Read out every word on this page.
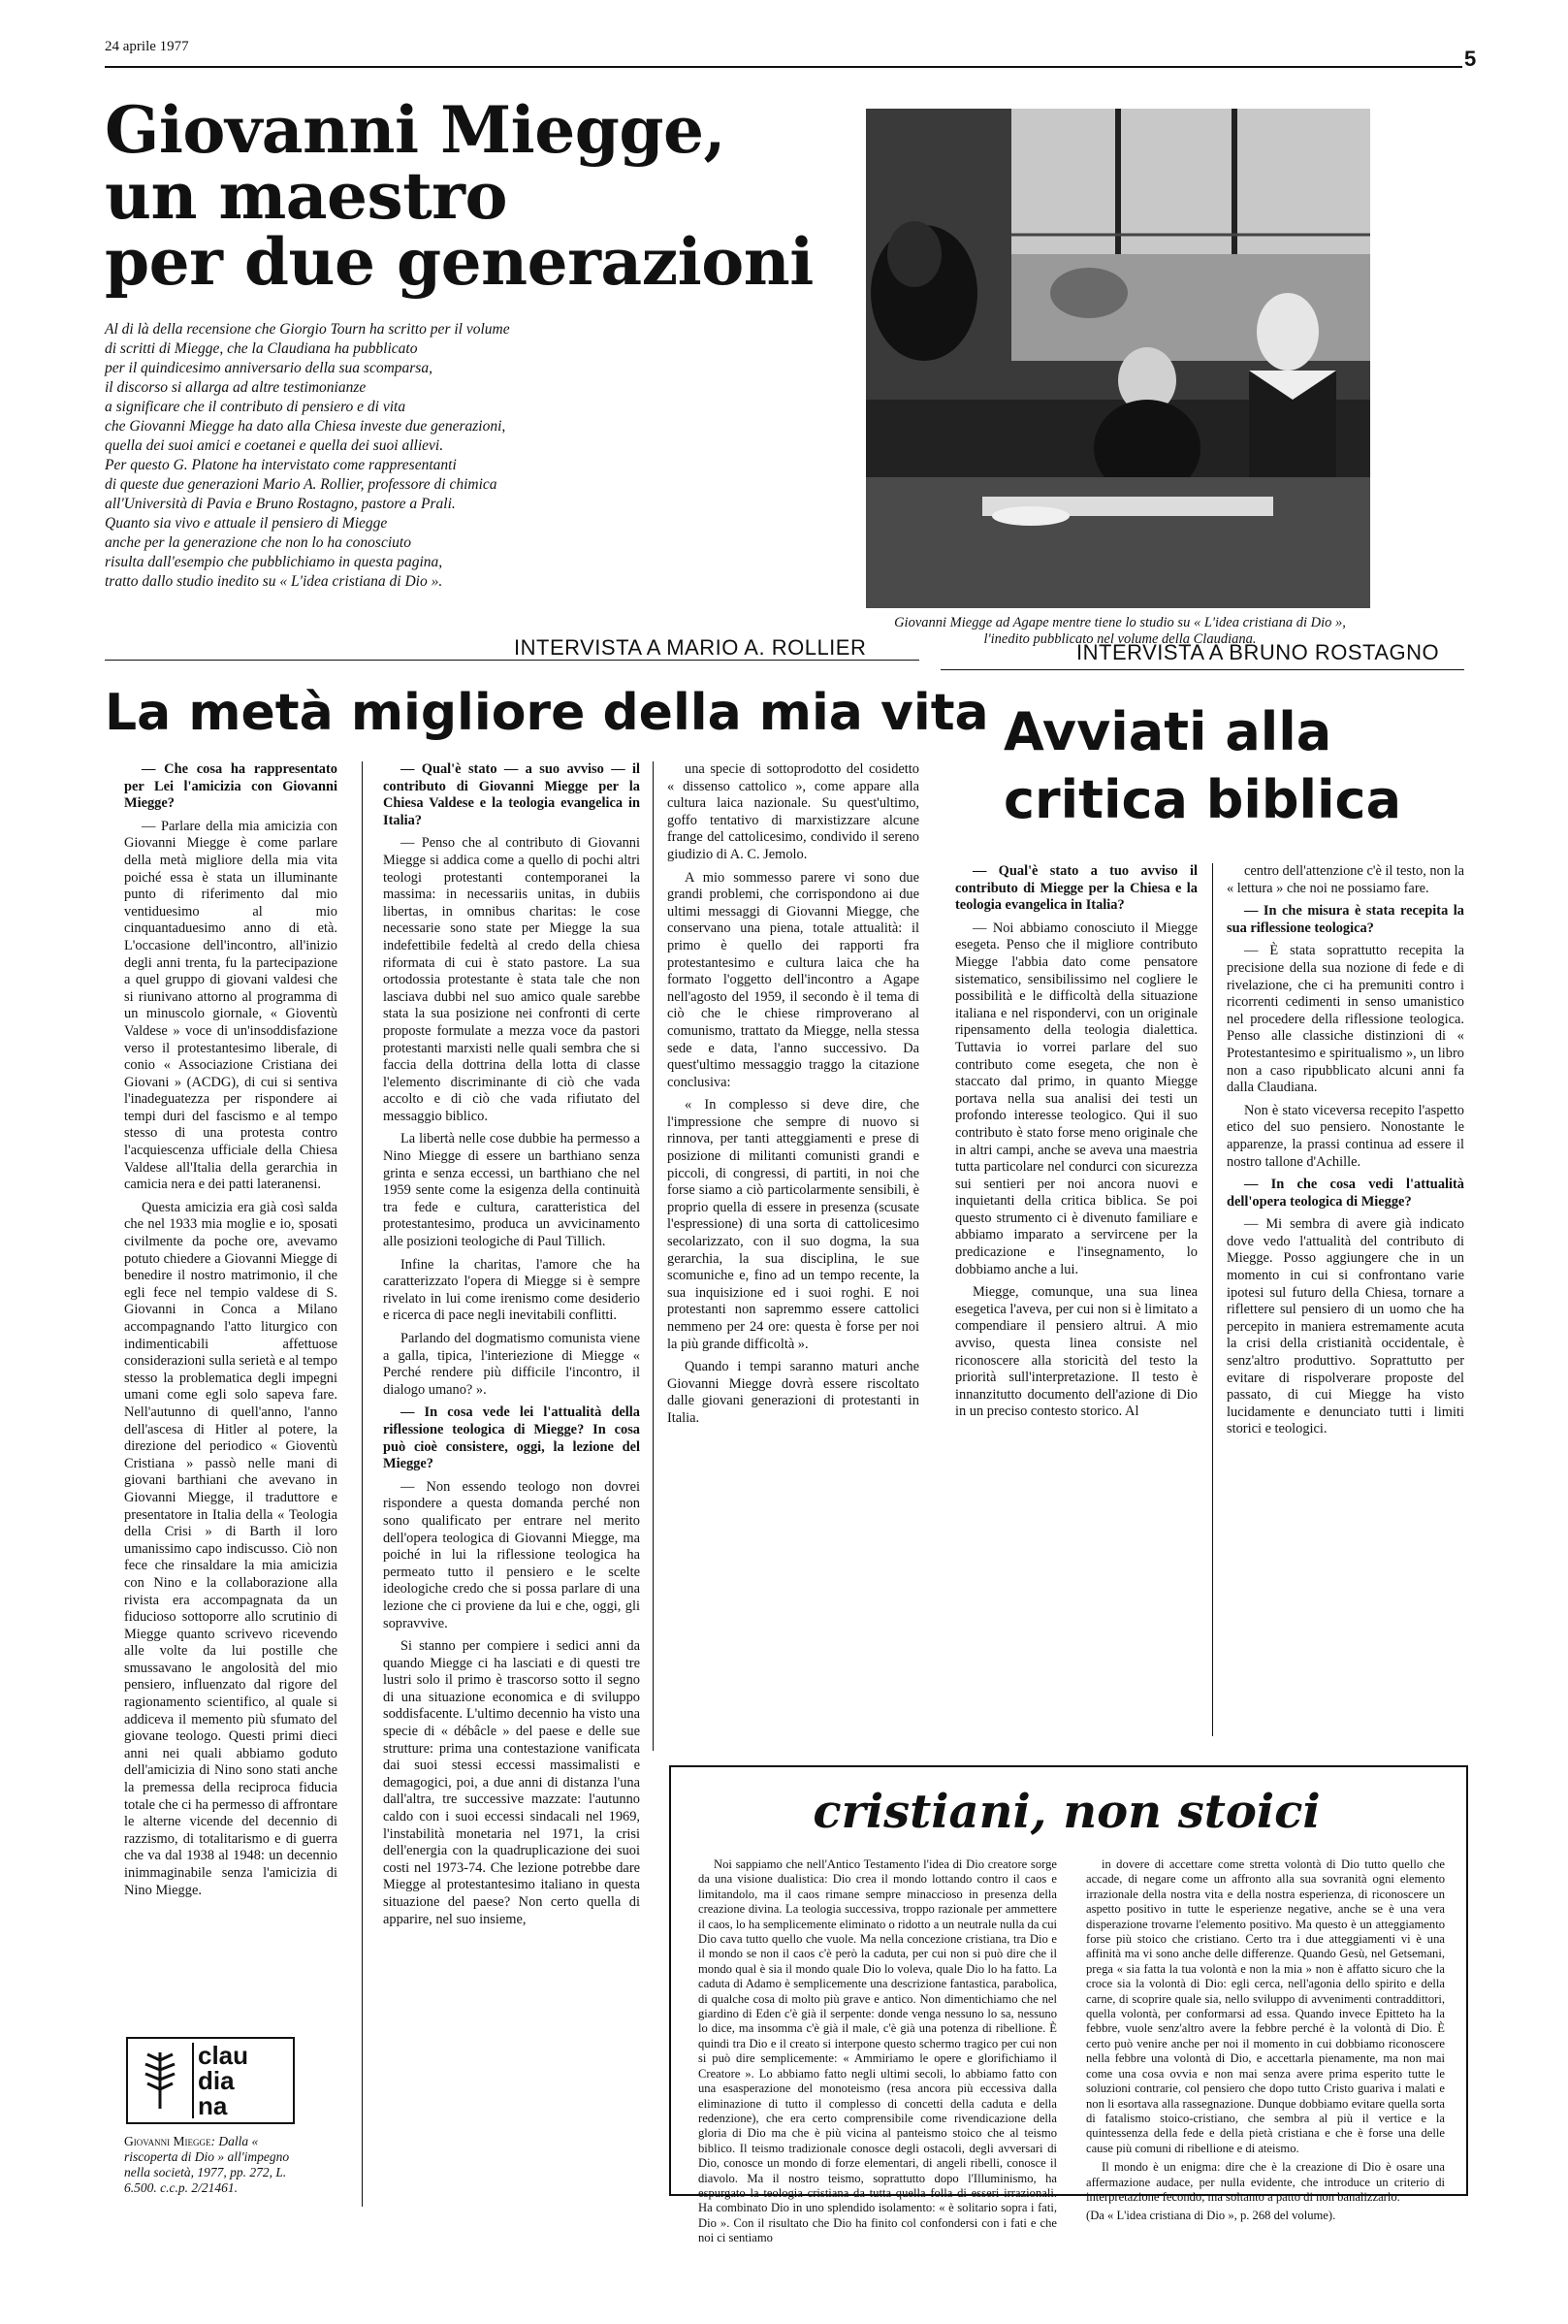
24 aprile 1977	5
Giovanni Miegge,
un maestro
per due generazioni
Al di là della recensione che Giorgio Tourn ha scritto per il volume
di scritti di Miegge, che la Claudiana ha pubblicato
per il quindicesimo anniversario della sua scomparsa,
il discorso si allarga ad altre testimonianze
a significare che il contributo di pensiero e di vita
che Giovanni Miegge ha dato alla Chiesa investe due generazioni,
quella dei suoi amici e coetanei e quella dei suoi allievi.
Per questo G. Platone ha intervistato come rappresentanti
di queste due generazioni Mario A. Rollier, professore di chimica
all'Università di Pavia e Bruno Rostagno, pastore a Prali.
Quanto sia vivo e attuale il pensiero di Miegge
anche per la generazione che non lo ha conosciuto
risulta dall'esempio che pubblichiamo in questa pagina,
tratto dallo studio inedito su « L'idea cristiana di Dio ».
Giovanni Miegge ad Agape mentre tiene lo studio su « L'idea cristiana di Dio »,
l'inedito pubblicato nel volume della Claudiana.
INTERVISTA A MARIO A. ROLLIER
La metà migliore della mia vita

— Che cosa ha rappresentato per Lei l'amicizia con Giovanni Miegge?

— Parlare della mia amicizia con Giovanni Miegge è come parlare della metà migliore della mia vita poiché essa è stata un illuminante punto di riferimento dal mio ventiduesimo al mio cinquantaduesimo anno di età. L'occasione dell'incontro, all'inizio degli anni trenta, fu la partecipazione a quel gruppo di giovani valdesi che si riunivano attorno al programma di un minuscolo giornale, « Gioventù Valdese » voce di un'insoddisfazione verso il protestantesimo liberale, di conio « Associazione Cristiana dei Giovani » (ACDG), di cui si sentiva l'inadeguatezza per rispondere ai tempi duri del fascismo e al tempo stesso di una protesta contro l'acquiescenza ufficiale della Chiesa Valdese all'Italia della gerarchia in camicia nera e dei patti lateranensi.

Questa amicizia era già così salda che nel 1933 mia moglie e io, sposati civilmente da poche ore, avevamo potuto chiedere a Giovanni Miegge di benedire il nostro matrimonio, il che egli fece nel tempio valdese di S. Giovanni in Conca a Milano accompagnando l'atto liturgico con indimenticabili affettuose considerazioni sulla serietà e al tempo stesso la problematica degli impegni umani come egli solo sapeva fare. Nell'autunno di quell'anno, l'anno dell'ascesa di Hitler al potere, la direzione del periodico « Gioventù Cristiana » passò nelle mani di giovani barthiani che avevano in Giovanni Miegge, il traduttore e presentatore in Italia della « Teologia della Crisi » di Barth il loro umanissimo capo indiscusso. Ciò non fece che rinsaldare la mia amicizia con Nino e la collaborazione alla rivista era accompagnata da un fiducioso sottoporre allo scrutinio di Miegge quanto scrivevo ricevendo alle volte da lui postille che smussavano le angolosità del mio pensiero, influenzato dal rigore del ragionamento scientifico, al quale si addiceva il memento più sfumato del giovane teologo. Questi primi dieci anni nei quali abbiamo goduto dell'amicizia di Nino sono stati anche la premessa della reciproca fiducia totale che ci ha permesso di affrontare le alterne vicende del decennio di razzismo, di totalitarismo e di guerra che va dal 1938 al 1948: un decennio inimmaginabile senza l'amicizia di Nino Miegge.

— Qual'è stato — a suo avviso — il contributo di Giovanni Miegge per la Chiesa Valdese e la teologia evangelica in Italia?

— Penso che al contributo di Giovanni Miegge si addica come a quello di pochi altri teologi protestanti contemporanei la massima: in necessariis unitas, in dubiis libertas, in omnibus charitas: le cose necessarie sono state per Miegge la sua indefettibile fedeltà al credo della chiesa riformata di cui è stato pastore. La sua ortodossia protestante è stata tale che non lasciava dubbi nel suo amico quale sarebbe stata la sua posizione nei confronti di certe proposte formulate a mezza voce da pastori protestanti marxisti nelle quali sembra che si faccia della dottrina della lotta di classe l'elemento discriminante di ciò che vada accolto e di ciò che vada rifiutato del messaggio biblico.

La libertà nelle cose dubbie ha permesso a Nino Miegge di essere un barthiano senza grinta e senza eccessi, un barthiano che nel 1959 sente come la esigenza della continuità tra fede e cultura, caratteristica del protestantesimo, produca un avvicinamento alle posizioni teologiche di Paul Tillich.

Infine la charitas, l'amore che ha caratterizzato l'opera di Miegge si è sempre rivelato in lui come irenismo come desiderio e ricerca di pace negli inevitabili conflitti.

Parlando del dogmatismo comunista viene a galla, tipica, l'interiezione di Miegge « Perché rendere più difficile l'incontro, il dialogo umano? ».

— In cosa vede lei l'attualità della riflessione teologica di Miegge? In cosa può cioè consistere, oggi, la lezione del Miegge?

— Non essendo teologo non dovrei rispondere a questa domanda perché non sono qualificato per entrare nel merito dell'opera teologica di Giovanni Miegge, ma poiché in lui la riflessione teologica ha permeato tutto il pensiero e le scelte ideologiche credo che si possa parlare di una lezione che ci proviene da lui e che, oggi, gli sopravvive.

Si stanno per compiere i sedici anni da quando Miegge ci ha lasciati e di questi tre lustri solo il primo è trascorso sotto il segno di una situazione economica e di sviluppo soddisfacente. L'ultimo decennio ha visto una specie di « débâcle » del paese e delle sue strutture: prima una contestazione vanificata dai suoi stessi eccessi massimalisti e demagogici, poi, a due anni di distanza l'una dall'altra, tre successive mazzate: l'autunno caldo con i suoi eccessi sindacali nel 1969, l'instabilità monetaria nel 1971, la crisi dell'energia con la quadruplicazione dei suoi costi nel 1973-74. Che lezione potrebbe dare Miegge al protestantesimo italiano in questa situazione del paese? Non certo quella di apparire, nel suo insieme,

una specie di sottoprodotto del cosidetto « dissenso cattolico », come appare alla cultura laica nazionale. Su quest'ultimo, goffo tentativo di marxistizzare alcune frange del cattolicesimo, condivido il sereno giudizio di A. C. Jemolo.

A mio sommesso parere vi sono due grandi problemi, che corrispondono ai due ultimi messaggi di Giovanni Miegge, che conservano una piena, totale attualità: il primo è quello dei rapporti fra protestantesimo e cultura laica che ha formato l'oggetto dell'incontro a Agape nell'agosto del 1959, il secondo è il tema di ciò che le chiese rimproverano al comunismo, trattato da Miegge, nella stessa sede e data, l'anno successivo. Da quest'ultimo messaggio traggo la citazione conclusiva:

« In complesso si deve dire, che l'impressione che sempre di nuovo si rinnova, per tanti atteggiamenti e prese di posizione di militanti comunisti grandi e piccoli, di congressi, di partiti, in noi che forse siamo a ciò particolarmente sensibili, è proprio quella di essere in presenza (scusate l'espressione) di una sorta di cattolicesimo secolarizzato, con il suo dogma, la sua gerarchia, la sua disciplina, le sue scomuniche e, fino ad un tempo recente, la sua inquisizione ed i suoi roghi. E noi protestanti non sapremmo essere cattolici nemmeno per 24 ore: questa è forse per noi la più grande difficoltà ».

Quando i tempi saranno maturi anche Giovanni Miegge dovrà essere riscoltato dalle giovani generazioni di protestanti in Italia.

INTERVISTA A BRUNO ROSTAGNO
Avviati alla
critica biblica

— Qual'è stato a tuo avviso il contributo di Miegge per la Chiesa e la teologia evangelica in Italia?

— Noi abbiamo conosciuto il Miegge esegeta. Penso che il migliore contributo Miegge l'abbia dato come pensatore sistematico, sensibilissimo nel cogliere le possibilità e le difficoltà della situazione italiana e nel rispondervi, con un originale ripensamento della teologia dialettica. Tuttavia io vorrei parlare del suo contributo come esegeta, che non è staccato dal primo, in quanto Miegge portava nella sua analisi dei testi un profondo interesse teologico. Qui il suo contributo è stato forse meno originale che in altri campi, anche se aveva una maestria tutta particolare nel condurci con sicurezza sui sentieri per noi ancora nuovi e inquietanti della critica biblica. Se poi questo strumento ci è divenuto familiare e abbiamo imparato a servircene per la predicazione e l'insegnamento, lo dobbiamo anche a lui.

Miegge, comunque, una sua linea esegetica l'aveva, per cui non si è limitato a compendiare il pensiero altrui. A mio avviso, questa linea consiste nel riconoscere alla storicità del testo la priorità sull'interpretazione. Il testo è innanzitutto documento dell'azione di Dio in un preciso contesto storico. Al

centro dell'attenzione c'è il testo, non la « lettura » che noi ne possiamo fare.

— In che misura è stata recepita la sua riflessione teologica?

— È stata soprattutto recepita la precisione della sua nozione di fede e di rivelazione, che ci ha premuniti contro i ricorrenti cedimenti in senso umanistico nel procedere della riflessione teologica. Penso alle classiche distinzioni di « Protestantesimo e spiritualismo », un libro non a caso ripubblicato alcuni anni fa dalla Claudiana.

Non è stato viceversa recepito l'aspetto etico del suo pensiero. Nonostante le apparenze, la prassi continua ad essere il nostro tallone d'Achille.

— In che cosa vedi l'attualità dell'opera teologica di Miegge?

— Mi sembra di avere già indicato dove vedo l'attualità del contributo di Miegge. Posso aggiungere che in un momento in cui si confrontano varie ipotesi sul futuro della Chiesa, tornare a riflettere sul pensiero di un uomo che ha percepito in maniera estremamente acuta la crisi della cristianità occidentale, è senz'altro produttivo. Soprattutto per evitare di rispolverare proposte del passato, di cui Miegge ha visto lucidamente e denunciato tutti i limiti storici e teologici.

cristiani, non stoici

Noi sappiamo che nell'Antico Testamento l'idea di Dio creatore sorge da una visione dualistica: Dio crea il mondo lottando contro il caos e limitandolo, ma il caos rimane sempre minaccioso in presenza della creazione divina. La teologia successiva, troppo razionale per ammettere il caos, lo ha semplicemente eliminato o ridotto a un neutrale nulla da cui Dio cava tutto quello che vuole. Ma nella concezione cristiana, tra Dio e il mondo se non il caos c'è però la caduta, per cui non si può dire che il mondo qual è sia il mondo quale Dio lo voleva, quale Dio lo ha fatto. La caduta di Adamo è semplicemente una descrizione fantastica, parabolica, di qualche cosa di molto più grave e antico. Non dimentichiamo che nel giardino di Eden c'è già il serpente: donde venga nessuno lo sa, nessuno lo dice, ma insomma c'è già il male, c'è già una potenza di ribellione. È quindi tra Dio e il creato si interpone questo schermo tragico per cui non si può dire semplicemente: « Ammiriamo le opere e glorifichiamo il Creatore ». Lo abbiamo fatto negli ultimi secoli, lo abbiamo fatto con una esasperazione del monoteismo (resa ancora più eccessiva dalla eliminazione di tutto il complesso di concetti della caduta e della redenzione), che era certo comprensibile come rivendicazione della gloria di Dio ma che è più vicina al panteismo stoico che al teismo biblico. Il teismo tradizionale conosce degli ostacoli, degli avversari di Dio, conosce un mondo di forze elementari, di angeli ribelli, conosce il diavolo. Ma il nostro teismo, soprattutto dopo l'Illuminismo, ha espurgato la teologia cristiana da tutta quella folla di esseri irrazionali. Ha combinato Dio in uno splendido isolamento: « è solitario sopra i fati, Dio ». Con il risultato che Dio ha finito col confondersi con i fati e che noi ci sentiamo

in dovere di accettare come stretta volontà di Dio tutto quello che accade, di negare come un affronto alla sua sovranità ogni elemento irrazionale della nostra vita e della nostra esperienza, di riconoscere un aspetto positivo in tutte le esperienze negative, anche se è una vera disperazione trovarne l'elemento positivo. Ma questo è un atteggiamento forse più stoico che cristiano. Certo tra i due atteggiamenti vi è una affinità ma vi sono anche delle differenze. Quando Gesù, nel Getsemani, prega « sia fatta la tua volontà e non la mia » non è affatto sicuro che la croce sia la volontà di Dio: egli cerca, nell'agonia dello spirito e della carne, di scoprire quale sia, nello sviluppo di avvenimenti contraddittori, quella volontà, per conformarsi ad essa. Quando invece Epitteto ha la febbre, vuole senz'altro avere la febbre perché è la volontà di Dio. È certo può venire anche per noi il momento in cui dobbiamo riconoscere nella febbre una volontà di Dio, e accettarla pienamente, ma non mai come una cosa ovvia e non mai senza avere prima esperito tutte le soluzioni contrarie, col pensiero che dopo tutto Cristo guariva i malati e non li esortava alla rassegnazione. Dunque dobbiamo evitare quella sorta di fatalismo stoico-cristiano, che sembra al più il vertice e la quintessenza della fede e della pietà cristiana e che è forse una delle cause più comuni di ribellione e di ateismo.

Il mondo è un enigma: dire che è la creazione di Dio è osare una affermazione audace, per nulla evidente, che introduce un criterio di interpretazione fecondo, ma soltanto a patto di non banalizzarlo.

(Da « L'idea cristiana di Dio », p. 268 del volume).

clau
dia
na
Giovanni Miegge: Dalla « riscoperta di Dio » all'impegno nella società, 1977, pp. 272, L. 6.500. c.c.p. 2/21461.
